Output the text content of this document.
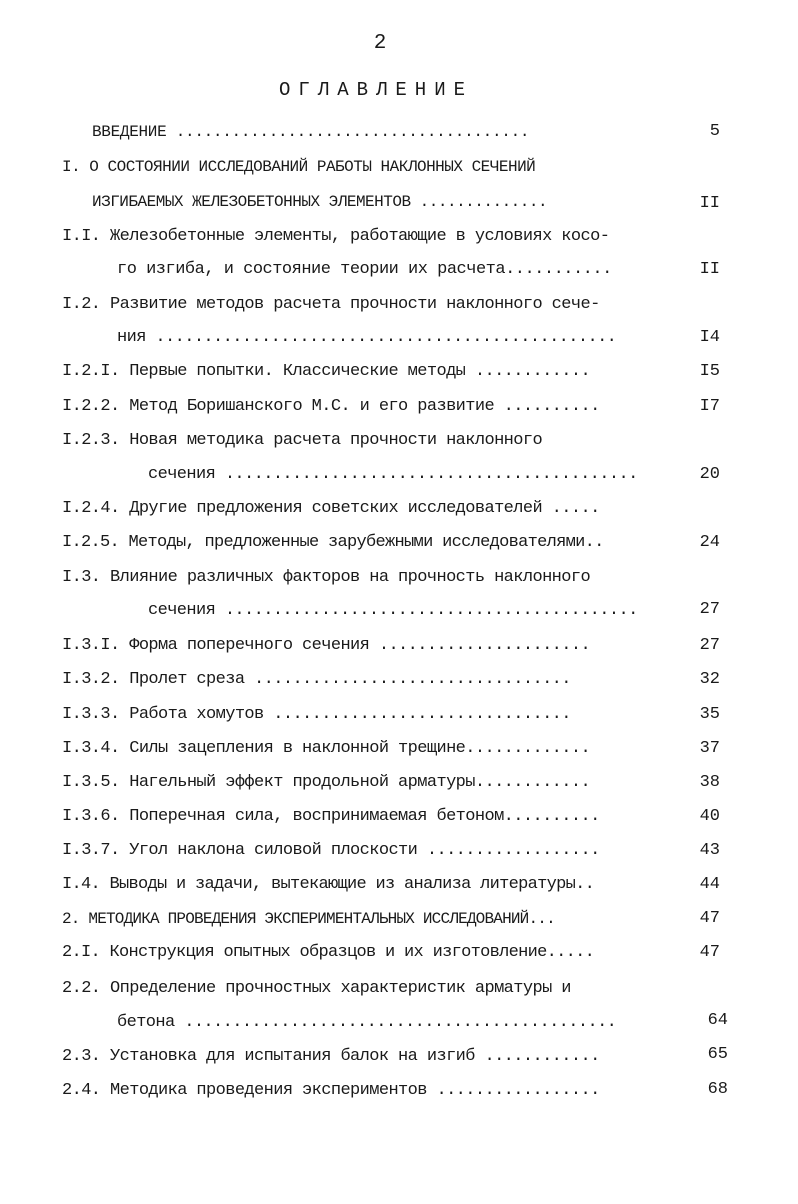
2
ОГЛАВЛЕНИЕ
ВВЕДЕНИЕ ......................................	5
I. О СОСТОЯНИИ ИССЛЕДОВАНИЙ РАБОТЫ НАКЛОННЫХ СЕЧЕНИЙ
ИЗГИБАЕМЫХ ЖЕЛЕЗОБЕТОННЫХ ЭЛЕМЕНТОВ ..............	II
I.I. Железобетонные элементы, работающие в условиях косо-
го изгиба, и состояние теории их расчета...........	II
I.2. Развитие методов расчета прочности наклонного сече-
ния ................................................	I4
I.2.I. Первые попытки. Классические методы ............	I5
I.2.2. Метод Боришанского М.С. и его развитие ..........	I7
I.2.3. Новая методика расчета прочности наклонного
сечения ...........................................	20
I.2.4. Другие предложения советских исследователей .....
I.2.5. Методы, предложенные зарубежными исследователями..	24
I.3. Влияние различных факторов на прочность наклонного
сечения ...........................................	27
I.3.I. Форма поперечного сечения ......................	27
I.3.2. Пролет среза .................................	32
I.3.3. Работа хомутов ...............................	35
I.3.4. Силы зацепления в наклонной трещине.............	37
I.3.5. Нагельный эффект продольной арматуры............	38
I.3.6. Поперечная сила, воспринимаемая бетоном..........	40
I.3.7. Угол наклона силовой плоскости ..................	43
I.4. Выводы и задачи, вытекающие из анализа литературы..	44
2. МЕТОДИКА ПРОВЕДЕНИЯ ЭКСПЕРИМЕНТАЛЬНЫХ ИССЛЕДОВАНИЙ...	47
2.I. Конструкция опытных образцов и их изготовление.....	47
2.2. Определение прочностных характеристик арматуры и
бетона .............................................	64
2.3. Установка для испытания балок на изгиб ............	65
2.4. Методика проведения экспериментов .................	68
